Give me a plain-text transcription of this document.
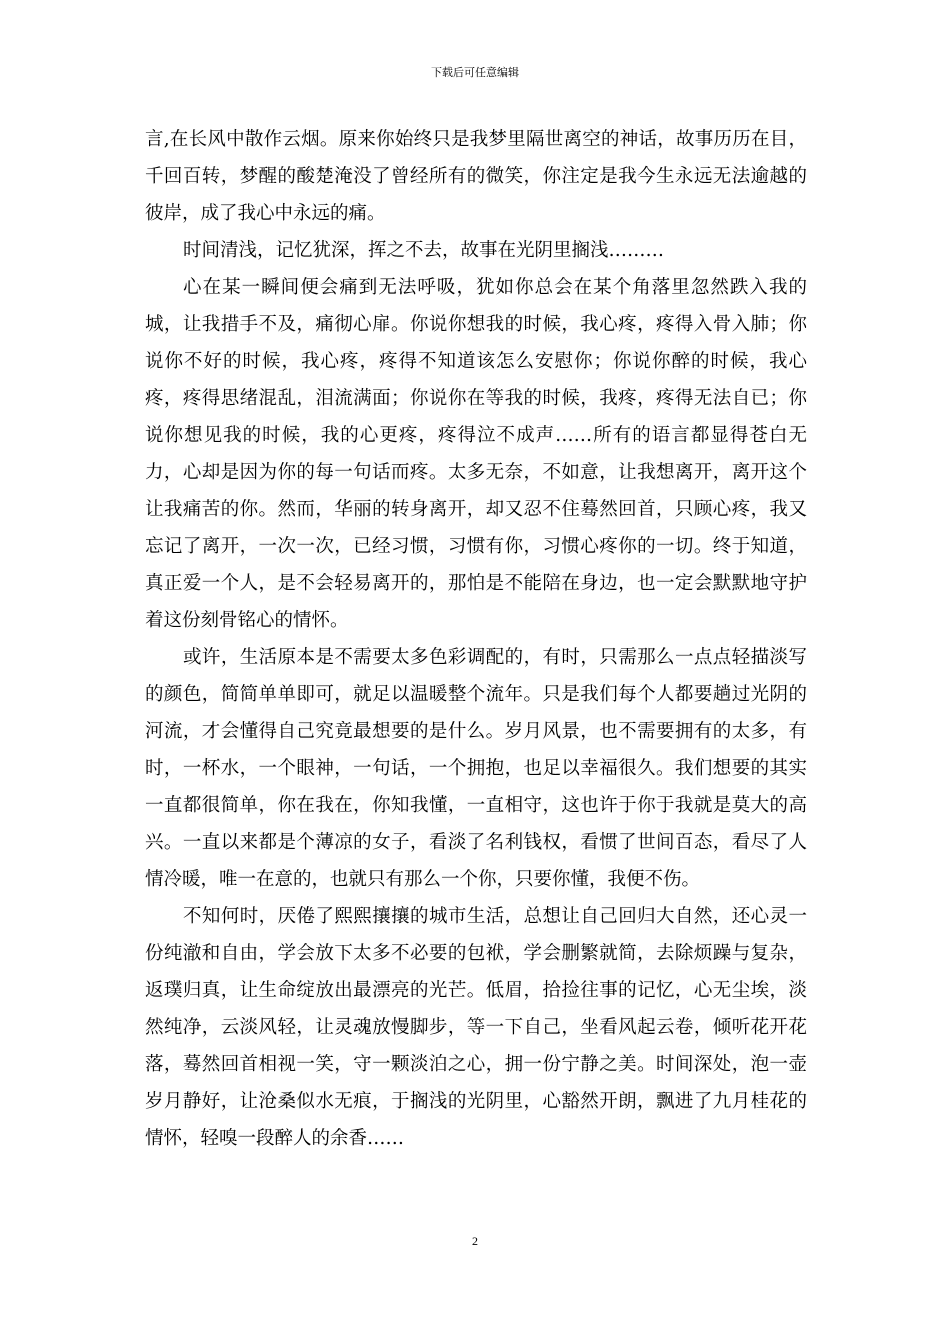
下载后可任意编辑

言,在长风中散作云烟。原来你始终只是我梦里隔世离空的神话，故事历历在目，千回百转，梦醒的酸楚淹没了曾经所有的微笑，你注定是我今生永远无法逾越的彼岸，成了我心中永远的痛。

时间清浅，记忆犹深，挥之不去，故事在光阴里搁浅………

心在某一瞬间便会痛到无法呼吸，犹如你总会在某个角落里忽然跌入我的城，让我措手不及，痛彻心扉。你说你想我的时候，我心疼，疼得入骨入肺；你说你不好的时候，我心疼，疼得不知道该怎么安慰你；你说你醉的时候，我心疼，疼得思绪混乱，泪流满面；你说你在等我的时候，我疼，疼得无法自已；你说你想见我的时候，我的心更疼，疼得泣不成声……所有的语言都显得苍白无力，心却是因为你的每一句话而疼。太多无奈，不如意，让我想离开，离开这个让我痛苦的你。然而，华丽的转身离开，却又忍不住蓦然回首，只顾心疼，我又忘记了离开，一次一次，已经习惯，习惯有你，习惯心疼你的一切。终于知道，真正爱一个人，是不会轻易离开的，那怕是不能陪在身边，也一定会默默地守护着这份刻骨铭心的情怀。

或许，生活原本是不需要太多色彩调配的，有时，只需那么一点点轻描淡写的颜色，简简单单即可，就足以温暖整个流年。只是我们每个人都要趟过光阴的河流，才会懂得自己究竟最想要的是什么。岁月风景，也不需要拥有的太多，有时，一杯水，一个眼神，一句话，一个拥抱，也足以幸福很久。我们想要的其实一直都很简单，你在我在，你知我懂，一直相守，这也许于你于我就是莫大的高兴。一直以来都是个薄凉的女子，看淡了名利钱权，看惯了世间百态，看尽了人情冷暖，唯一在意的，也就只有那么一个你，只要你懂，我便不伤。

不知何时，厌倦了熙熙攘攘的城市生活，总想让自己回归大自然，还心灵一份纯澈和自由，学会放下太多不必要的包袱，学会删繁就简，去除烦躁与复杂，返璞归真，让生命绽放出最漂亮的光芒。低眉，拾捡往事的记忆，心无尘埃，淡然纯净，云淡风轻，让灵魂放慢脚步，等一下自己，坐看风起云卷，倾听花开花落，蓦然回首相视一笑，守一颗淡泊之心，拥一份宁静之美。时间深处，泡一壶岁月静好，让沧桑似水无痕，于搁浅的光阴里，心豁然开朗，飘进了九月桂花的情怀，轻嗅一段醉人的余香……

2
